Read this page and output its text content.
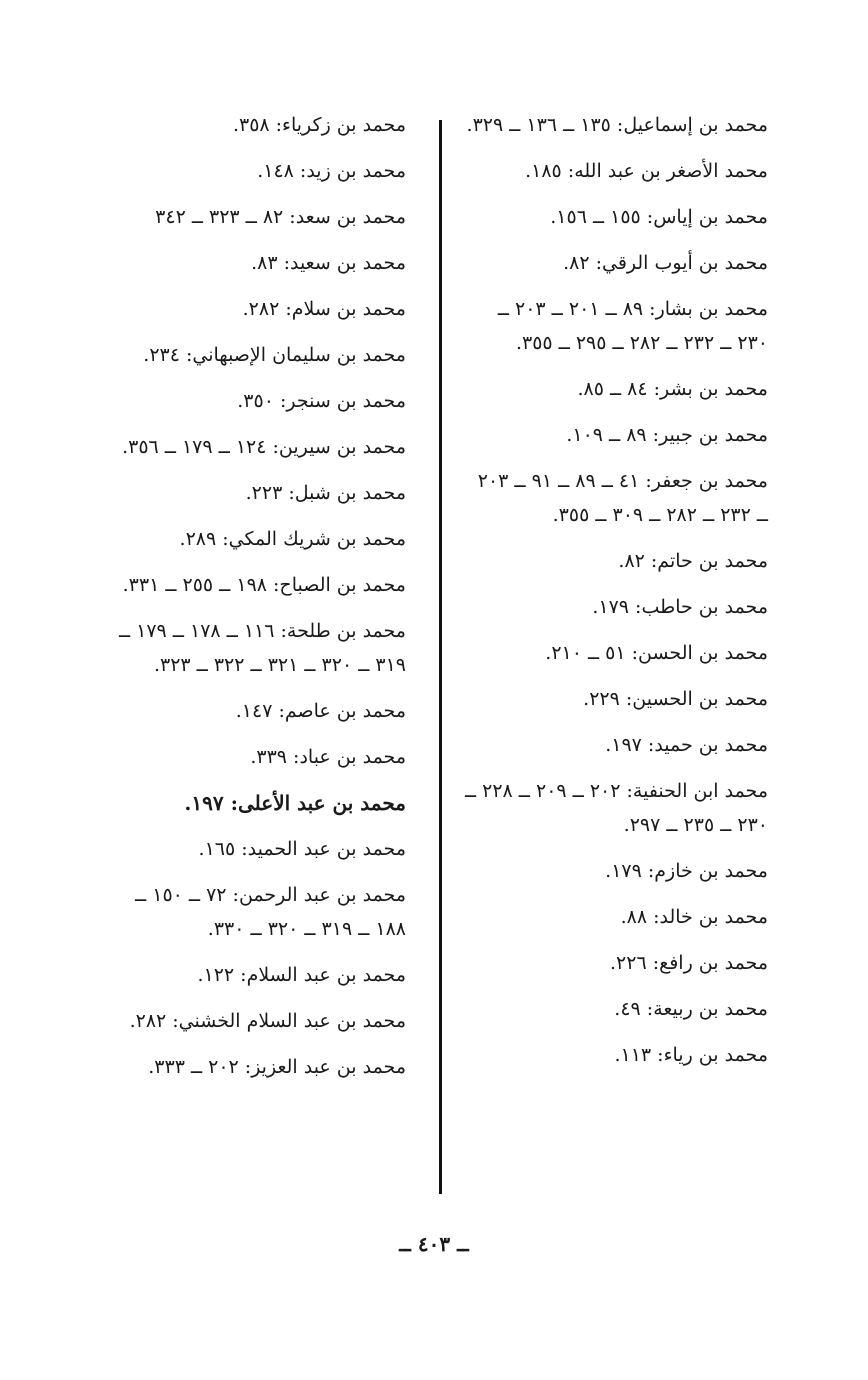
محمد بن إسماعيل: ١٣٥ ــ ١٣٦ ــ ٣٢٩.
محمد الأصغر بن عبد الله: ١٨٥.
محمد بن إياس: ١٥٥ ــ ١٥٦.
محمد بن أيوب الرقي: ٨٢.
محمد بن بشار: ٨٩ ــ ٢٠١ ــ ٢٠٣ ــ ٢٣٠ ــ ٢٣٢ ــ ٢٨٢ ــ ٢٩٥ ــ ٣٥٥.
محمد بن بشر: ٨٤ ــ ٨٥.
محمد بن جبير: ٨٩ ــ ١٠٩.
محمد بن جعفر: ٤١ ــ ٨٩ ــ ٩١ ــ ٢٠٣ ــ ٢٣٢ ــ ٢٨٢ ــ ٣٠٩ ــ ٣٥٥.
محمد بن حاتم: ٨٢.
محمد بن حاطب: ١٧٩.
محمد بن الحسن: ٥١ ــ ٢١٠.
محمد بن الحسين: ٢٢٩.
محمد بن حميد: ١٩٧.
محمد ابن الحنفية: ٢٠٢ ــ ٢٠٩ ــ ٢٢٨ ــ ٢٣٠ ــ ٢٣٥ ــ ٢٩٧.
محمد بن خازم: ١٧٩.
محمد بن خالد: ٨٨.
محمد بن رافع: ٢٢٦.
محمد بن ربيعة: ٤٩.
محمد بن رياء: ١١٣.
محمد بن زكرياء: ٣٥٨.
محمد بن زيد: ١٤٨.
محمد بن سعد: ٨٢ ــ ٣٢٣ ــ ٣٤٢
محمد بن سعيد: ٨٣.
محمد بن سلام: ٢٨٢.
محمد بن سليمان الإصبهاني: ٢٣٤.
محمد بن سنجر: ٣٥٠.
محمد بن سيرين: ١٢٤ ــ ١٧٩ ــ ٣٥٦.
محمد بن شبل: ٢٢٣.
محمد بن شريك المكي: ٢٨٩.
محمد بن الصباح: ١٩٨ ــ ٢٥٥ ــ ٣٣١.
محمد بن طلحة: ١١٦ ــ ١٧٨ ــ ١٧٩ ــ ٣١٩ ــ ٣٢٠ ــ ٣٢١ ــ ٣٢٢ ــ ٣٢٣.
محمد بن عاصم: ١٤٧.
محمد بن عباد: ٣٣٩.
محمد بن عبد الأعلى: ١٩٧.
محمد بن عبد الحميد: ١٦٥.
محمد بن عبد الرحمن: ٧٢ ــ ١٥٠ ــ ١٨٨ ــ ٣١٩ ــ ٣٢٠ ــ ٣٣٠.
محمد بن عبد السلام: ١٢٢.
محمد بن عبد السلام الخشني: ٢٨٢.
محمد بن عبد العزيز: ٢٠٢ ــ ٣٣٣.
ــ ٤٠٣ ــ
